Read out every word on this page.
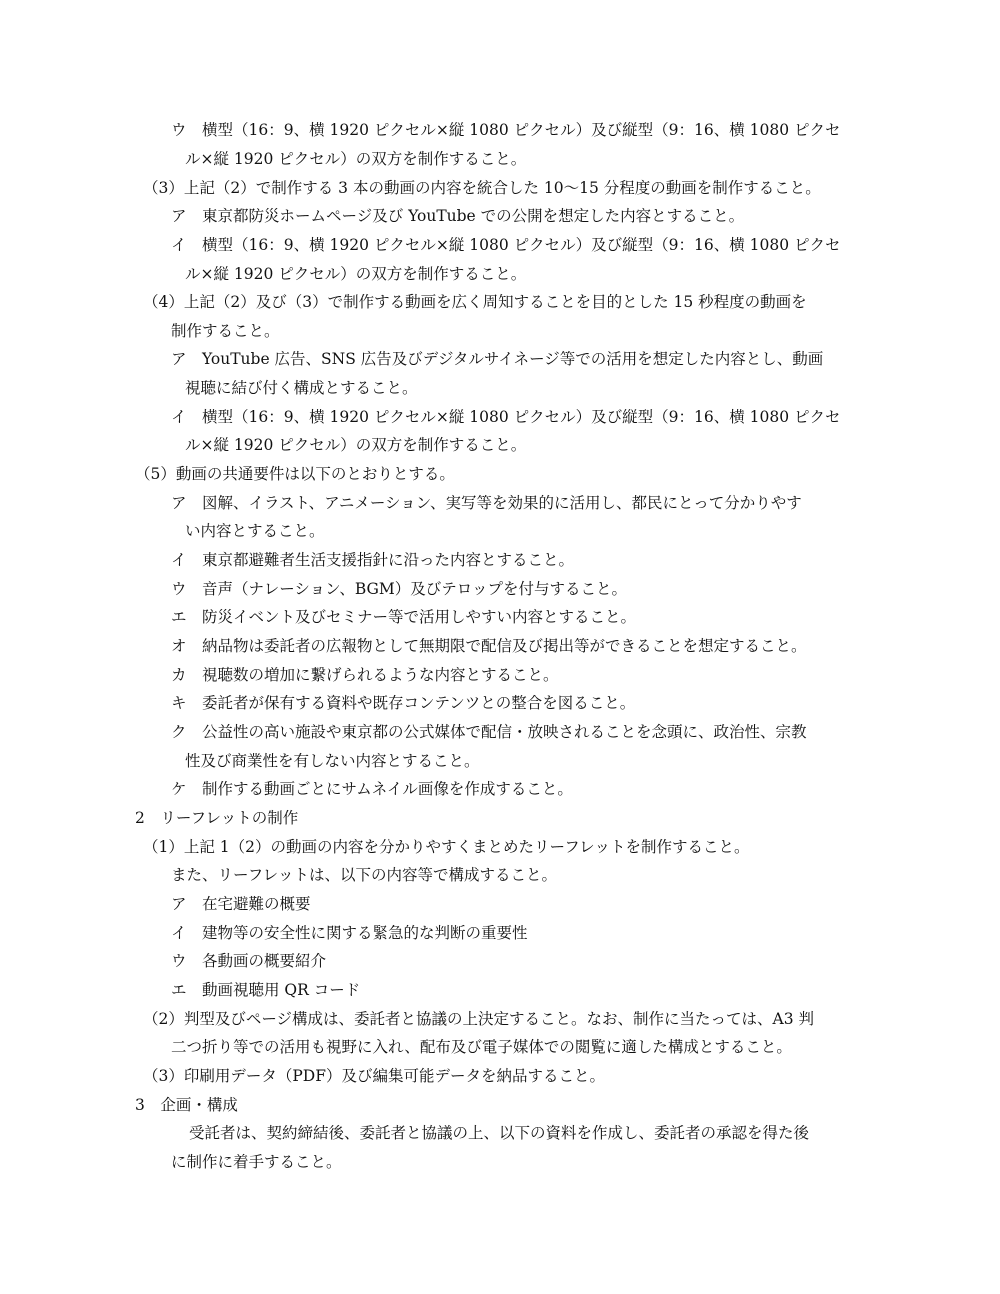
ウ　横型（16：9、横 1920 ピクセル×縦 1080 ピクセル）及び縦型（9：16、横 1080 ピクセ
ル×縦 1920 ピクセル）の双方を制作すること。
（3）上記（2）で制作する 3 本の動画の内容を統合した 10〜15 分程度の動画を制作すること。
ア　東京都防災ホームページ及び YouTube での公開を想定した内容とすること。
イ　横型（16：9、横 1920 ピクセル×縦 1080 ピクセル）及び縦型（9：16、横 1080 ピクセ
ル×縦 1920 ピクセル）の双方を制作すること。
（4）上記（2）及び（3）で制作する動画を広く周知することを目的とした 15 秒程度の動画を
制作すること。
ア　YouTube 広告、SNS 広告及びデジタルサイネージ等での活用を想定した内容とし、動画
視聴に結び付く構成とすること。
イ　横型（16：9、横 1920 ピクセル×縦 1080 ピクセル）及び縦型（9：16、横 1080 ピクセ
ル×縦 1920 ピクセル）の双方を制作すること。
（5）動画の共通要件は以下のとおりとする。
ア　図解、イラスト、アニメーション、実写等を効果的に活用し、都民にとって分かりやす
い内容とすること。
イ　東京都避難者生活支援指針に沿った内容とすること。
ウ　音声（ナレーション、BGM）及びテロップを付与すること。
エ　防災イベント及びセミナー等で活用しやすい内容とすること。
オ　納品物は委託者の広報物として無期限で配信及び掲出等ができることを想定すること。
カ　視聴数の増加に繋げられるような内容とすること。
キ　委託者が保有する資料や既存コンテンツとの整合を図ること。
ク　公益性の高い施設や東京都の公式媒体で配信・放映されることを念頭に、政治性、宗教
性及び商業性を有しない内容とすること。
ケ　制作する動画ごとにサムネイル画像を作成すること。
2　リーフレットの制作
（1）上記 1（2）の動画の内容を分かりやすくまとめたリーフレットを制作すること。
また、リーフレットは、以下の内容等で構成すること。
ア　在宅避難の概要
イ　建物等の安全性に関する緊急的な判断の重要性
ウ　各動画の概要紹介
エ　動画視聴用 QR コード
（2）判型及びページ構成は、委託者と協議の上決定すること。なお、制作に当たっては、A3 判
二つ折り等での活用も視野に入れ、配布及び電子媒体での閲覧に適した構成とすること。
（3）印刷用データ（PDF）及び編集可能データを納品すること。
3　企画・構成
受託者は、契約締結後、委託者と協議の上、以下の資料を作成し、委託者の承認を得た後
に制作に着手すること。
